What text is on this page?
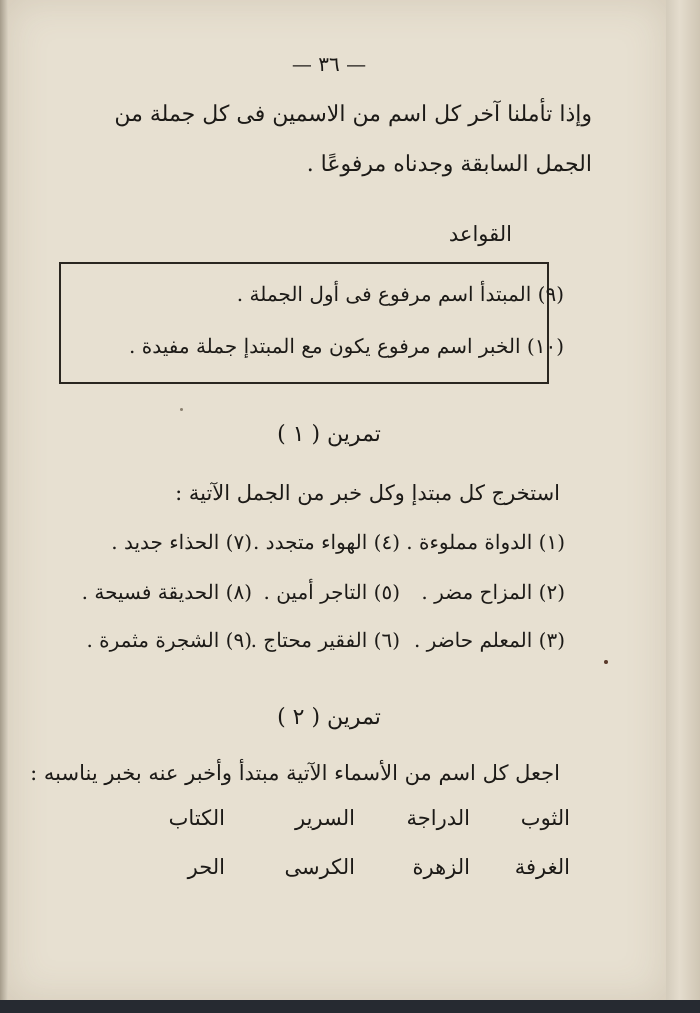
— ٣٦ —
وإذا تأملنا آخر كل اسم من الاسمين فى كل جملة من
الجمل السابقة وجدناه مرفوعًا .
القواعد
(٩) المبتدأ اسم مرفوع فى أول الجملة .
(١٠) الخبر اسم مرفوع يكون مع المبتدإ جملة مفيدة .
تمرين ( ١ )
استخرج كل مبتدإ وكل خبر من الجمل الآتية :
(١) الدواة مملوءة .
(٤) الهواء متجدد .
(٧) الحذاء جديد .
(٢) المزاح مضر .
(٥) التاجر أمين .
(٨) الحديقة فسيحة .
(٣) المعلم حاضر .
(٦) الفقير محتاج .
(٩) الشجرة مثمرة .
تمرين ( ٢ )
اجعل كل اسم من الأسماء الآتية مبتدأ وأخبر عنه بخبر يناسبه :
الثوب
الدراجة
السرير
الكتاب
الغرفة
الزهرة
الكرسى
الحر
